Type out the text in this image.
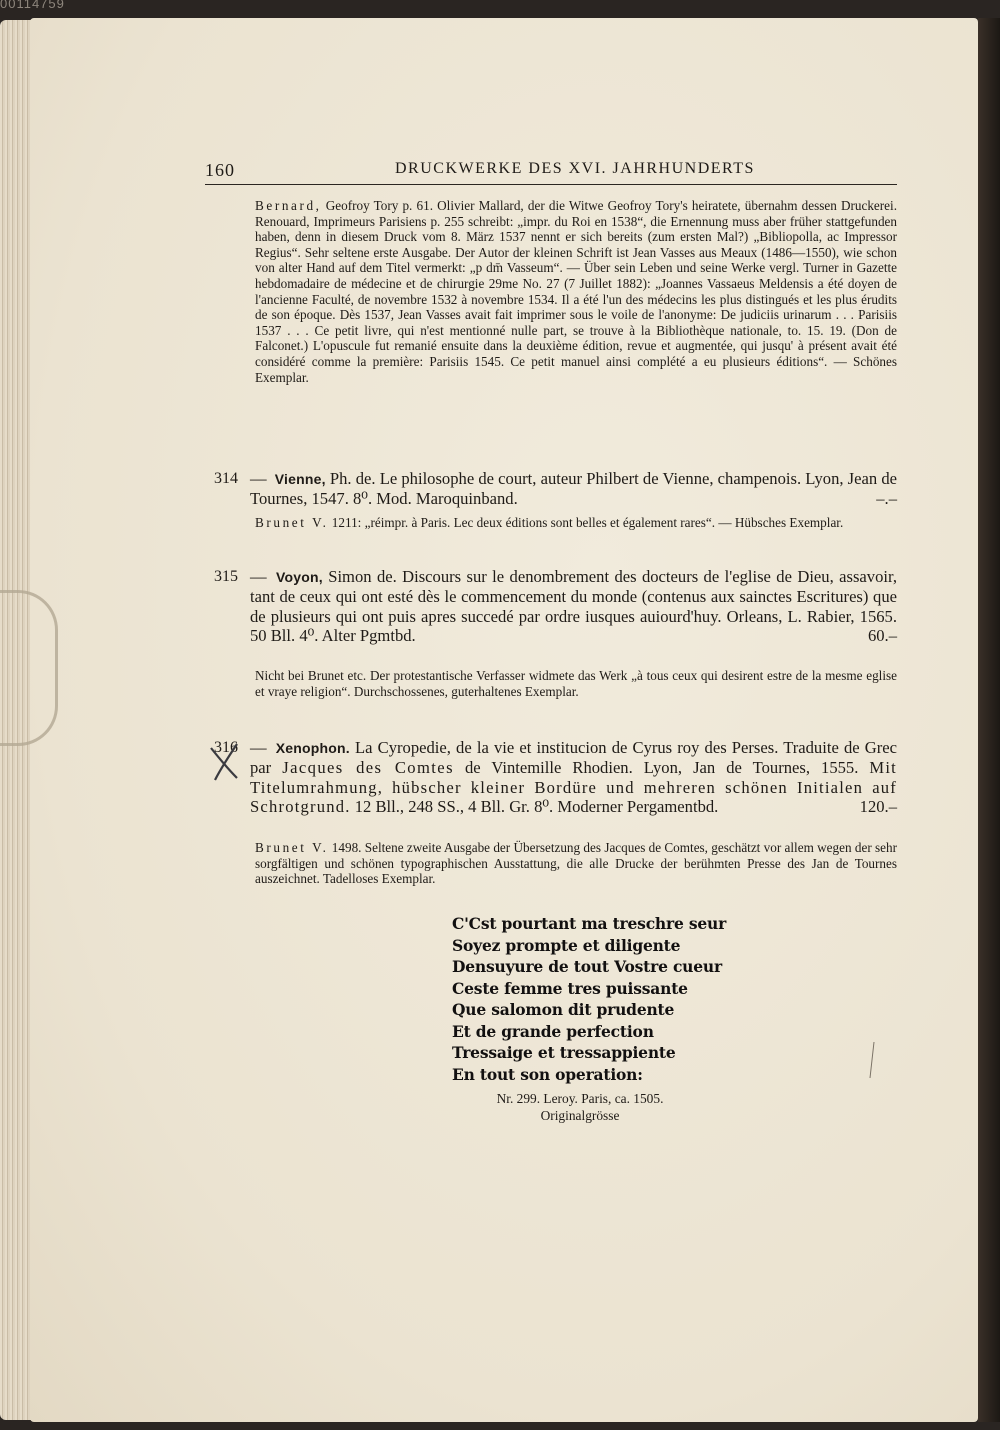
00114759
160	DRUCKWERKE DES XVI. JAHRHUNDERTS
Bernard, Geofroy Tory p. 61. Olivier Mallard, der die Witwe Geofroy Tory's heiratete, übernahm dessen Druckerei. Renouard, Imprimeurs Parisiens p. 255 schreibt: „impr. du Roi en 1538“, die Ernennung muss aber früher stattgefunden haben, denn in diesem Druck vom 8. März 1537 nennt er sich bereits (zum ersten Mal?) „Bibliopolla, ac Impressor Regius“. Sehr seltene erste Ausgabe. Der Autor der kleinen Schrift ist Jean Vasses aus Meaux (1486—1550), wie schon von alter Hand auf dem Titel vermerkt: „p dm̄ Vasseum“. — Über sein Leben und seine Werke vergl. Turner in Gazette hebdomadaire de médecine et de chirurgie 29me No. 27 (7 Juillet 1882): „Joannes Vassaeus Meldensis a été doyen de l'ancienne Faculté, de novembre 1532 à novembre 1534. Il a été l'un des médecins les plus distingués et les plus érudits de son époque. Dès 1537, Jean Vasses avait fait imprimer sous le voile de l'anonyme: De judiciis urinarum . . . Parisiis 1537 . . . Ce petit livre, qui n'est mentionné nulle part, se trouve à la Bibliothèque nationale, to. 15. 19. (Don de Falconet.) L'opuscule fut remanié ensuite dans la deuxième édition, revue et augmentée, qui jusqu' à présent avait été considéré comme la première: Parisiis 1545. Ce petit manuel ainsi complété a eu plusieurs éditions“. — Schönes Exemplar.
314 — Vienne, Ph. de. Le philosophe de court, auteur Philbert de Vienne, champenois. Lyon, Jean de Tournes, 1547. 8⁰. Mod. Maroquinband.	–.–
Brunet V. 1211: „réimpr. à Paris. Lec deux éditions sont belles et également rares“. — Hübsches Exemplar.
315 — Voyon, Simon de. Discours sur le denombrement des docteurs de l'eglise de Dieu, assavoir, tant de ceux qui ont esté dès le commencement du monde (contenus aux sainctes Escritures) que de plusieurs qui ont puis apres succedé par ordre iusques auiourd'huy. Orleans, L. Rabier, 1565. 50 Bll. 4⁰. Alter Pgmtbd.	60.–
Nicht bei Brunet etc. Der protestantische Verfasser widmete das Werk „à tous ceux qui desirent estre de la mesme eglise et vraye religion“. Durchschossenes, guterhaltenes Exemplar.
316 — Xenophon. La Cyropedie, de la vie et institucion de Cyrus roy des Perses. Traduite de Grec par Jacques des Comtes de Vintemille Rhodien. Lyon, Jan de Tournes, 1555. Mit Titelumrahmung, hübscher kleiner Bordüre und mehreren schönen Initialen auf Schrotgrund. 12 Bll., 248 SS., 4 Bll. Gr. 8⁰. Moderner Pergamentbd.	120.–
Brunet V. 1498. Seltene zweite Ausgabe der Übersetzung des Jacques de Comtes, geschätzt vor allem wegen der sehr sorgfältigen und schönen typographischen Ausstattung, die alle Drucke der berühmten Presse des Jan de Tournes auszeichnet. Tadelloses Exemplar.
C'Cst pourtant ma treschre seur
Soyez prompte et diligente
Densuyure de tout Vostre cueur
Ceste femme tres puissante
Que salomon dit prudente
Et de grande perfection
Tressaige et tressappiente
En tout son operation:
Nr. 299. Leroy. Paris, ca. 1505.
Originalgrösse
